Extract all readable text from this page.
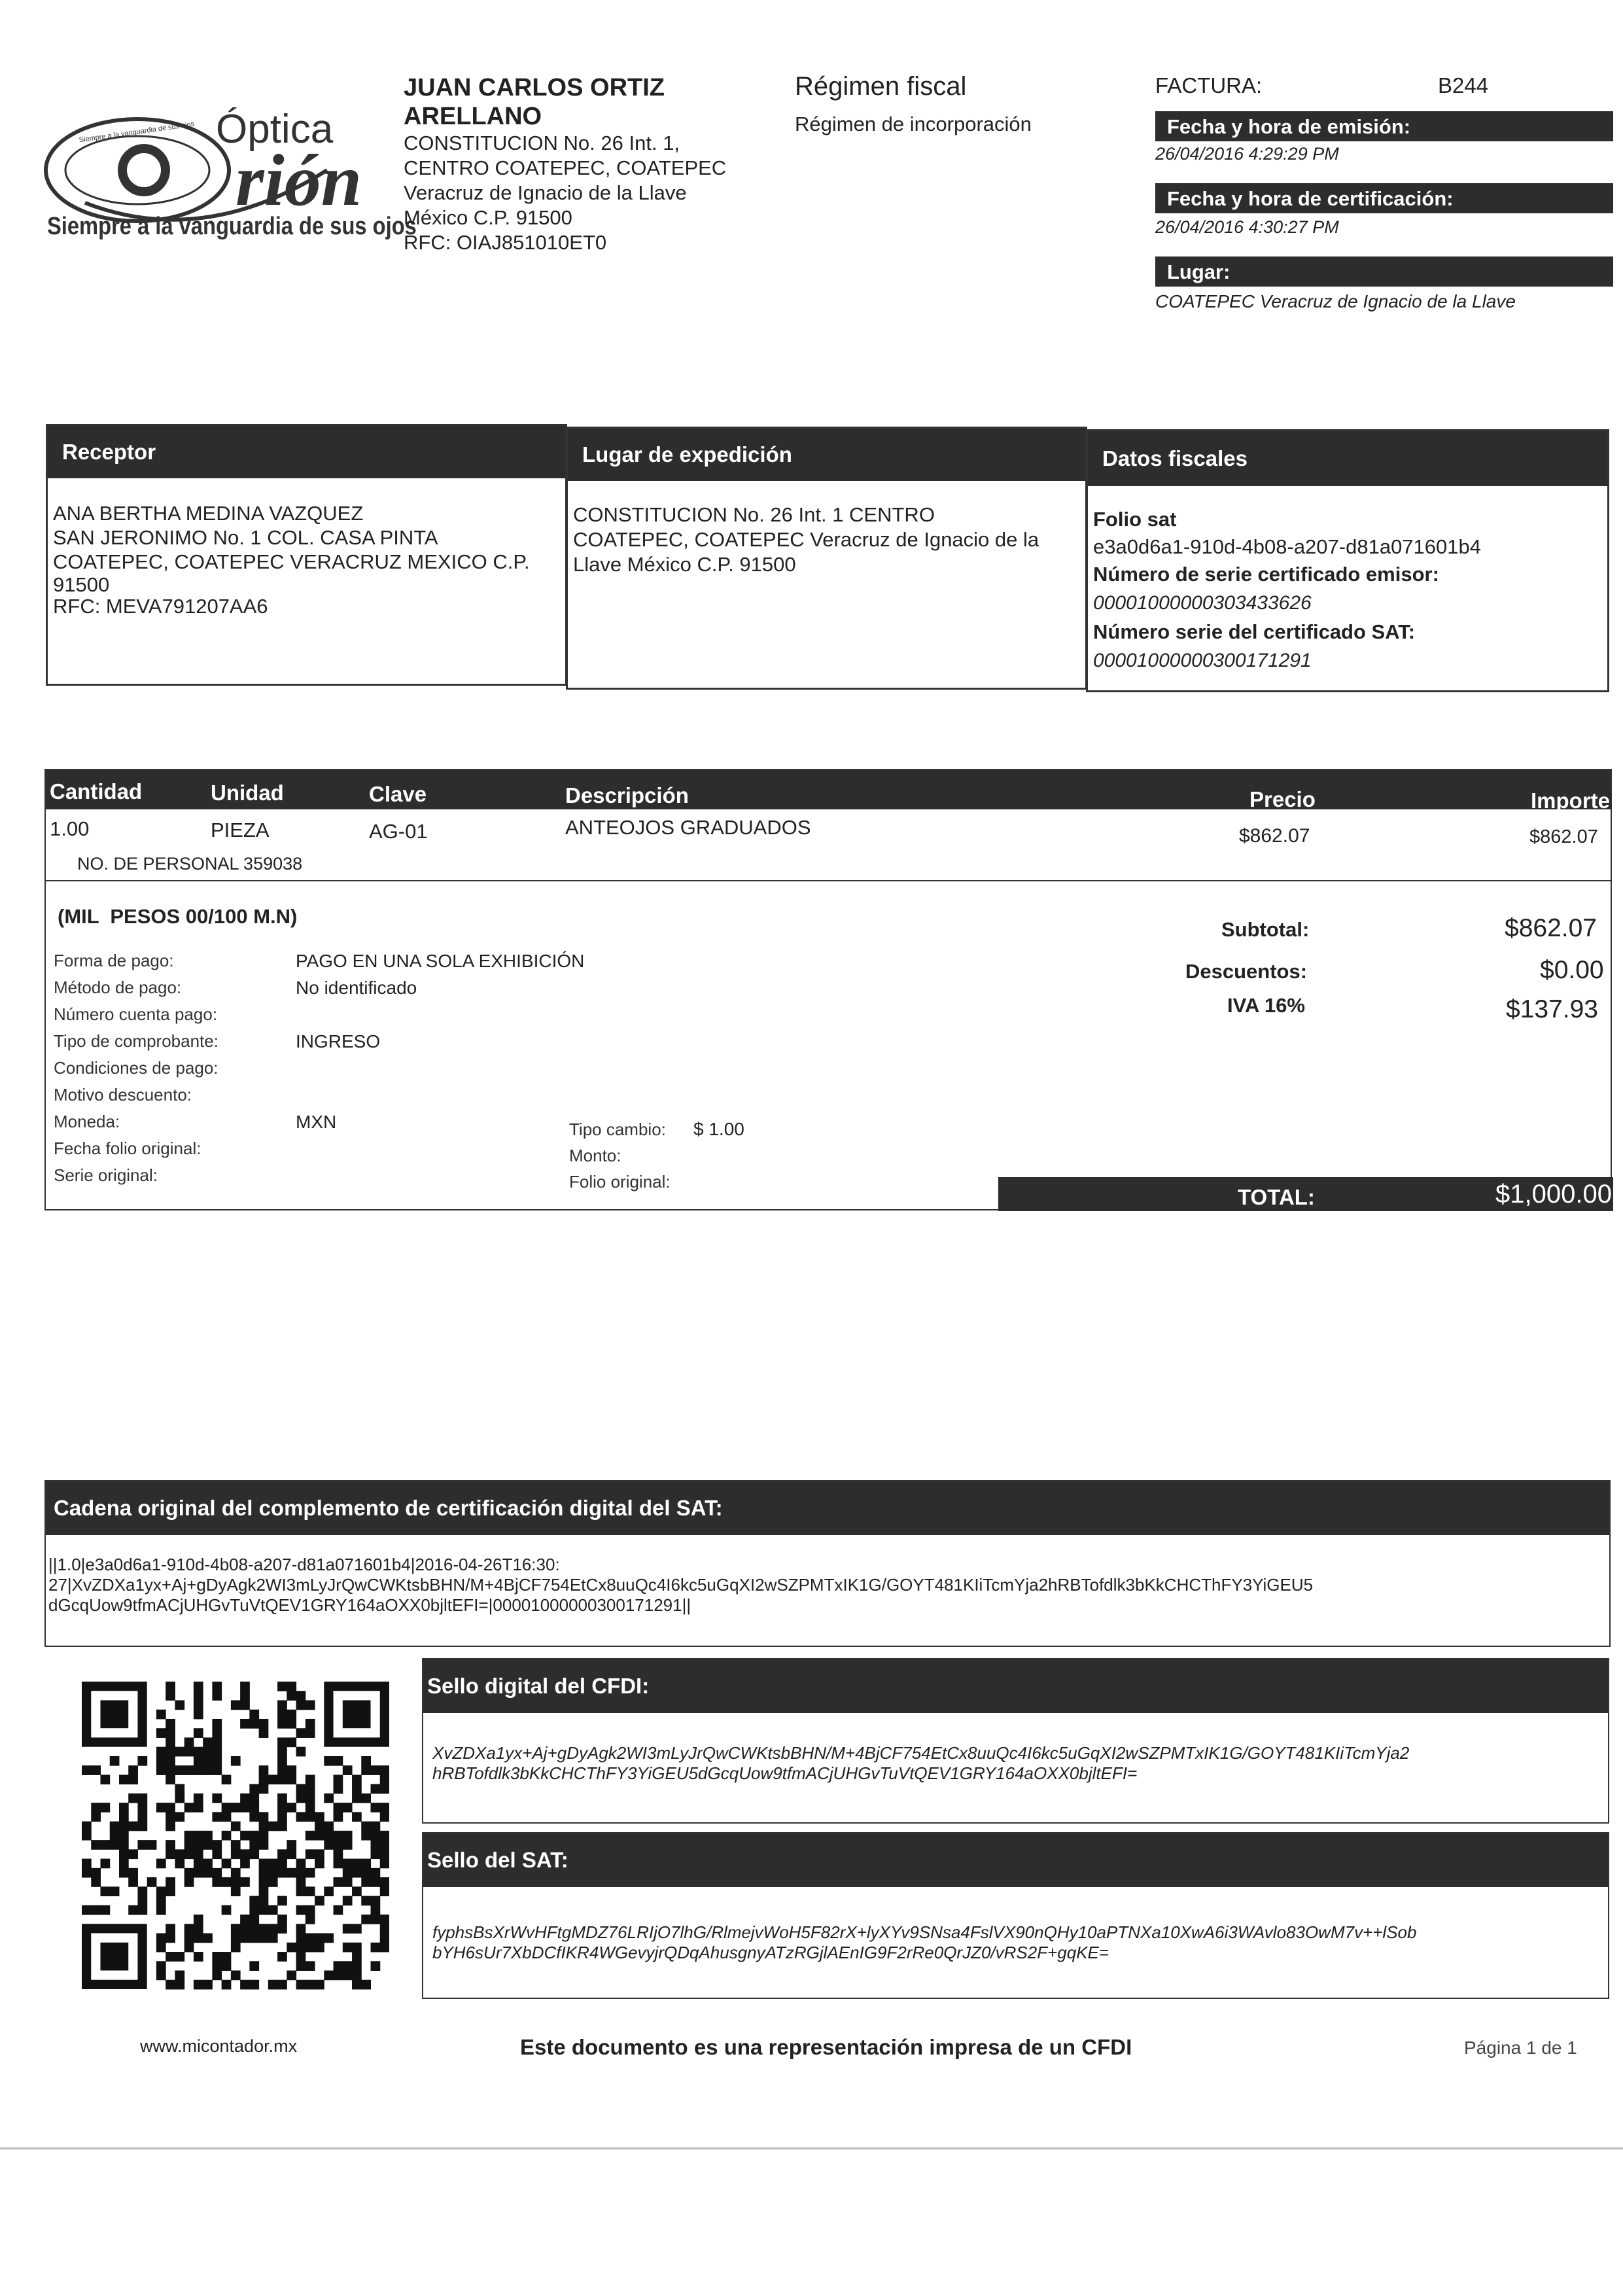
Siempre a la vanguardia de sus ojos
Óptica
Orion
Óptica
rión
Siempre a la vanguardia de sus ojos
JUAN CARLOS ORTIZ
ARELLANO
CONSTITUCION No. 26 Int. 1,
CENTRO COATEPEC, COATEPEC
Veracruz de Ignacio de la Llave
México C.P. 91500
RFC: OIAJ851010ET0
Régimen fiscal
Régimen de incorporación
FACTURA:	B244
Fecha y hora de emisión:
26/04/2016 4:29:29 PM
Fecha y hora de certificación:
26/04/2016 4:30:27 PM
Lugar:
COATEPEC Veracruz de Ignacio de la Llave
Receptor
ANA BERTHA MEDINA VAZQUEZ
SAN JERONIMO No. 1 COL. CASA PINTA
COATEPEC, COATEPEC VERACRUZ MEXICO C.P.
91500
RFC: MEVA791207AA6
Lugar de expedición
CONSTITUCION No. 26 Int. 1 CENTRO
COATEPEC, COATEPEC Veracruz de Ignacio de la
Llave México C.P. 91500
Datos fiscales
Folio sat
e3a0d6a1-910d-4b08-a207-d81a071601b4
Número de serie certificado emisor:
00001000000303433626
Número serie del certificado SAT:
00001000000300171291
Cantidad	Unidad	Clave	Descripción	Precio	Importe
1.00	PIEZA	AG-01	ANTEOJOS GRADUADOS	$862.07	$862.07
NO. DE PERSONAL 359038
(MIL  PESOS 00/100 M.N)
Forma de pago:	PAGO EN UNA SOLA EXHIBICIÓN
Método de pago:	No identificado
Número cuenta pago:
Tipo de comprobante:	INGRESO
Condiciones de pago:
Motivo descuento:
Moneda:	MXN
Fecha folio original:
Serie original:
Tipo cambio: $ 1.00
Monto:
Folio original:
Subtotal:	$862.07
Descuentos:	$0.00
IVA 16%	$137.93
TOTAL:	$1,000.00
Cadena original del complemento de certificación digital del SAT:
||1.0|e3a0d6a1-910d-4b08-a207-d81a071601b4|2016-04-26T16:30:
27|XvZDXa1yx+Aj+gDyAgk2WI3mLyJrQwCWKtsbBHN/M+4BjCF754EtCx8uuQc4I6kc5uGqXI2wSZPMTxIK1G/GOYT481KIiTcmYja2hRBTofdlk3bKkCHCThFY3YiGEU5
dGcqUow9tfmACjUHGvTuVtQEV1GRY164aOXX0bjltEFI=|00001000000300171291||
Sello digital del CFDI:
XvZDXa1yx+Aj+gDyAgk2WI3mLyJrQwCWKtsbBHN/M+4BjCF754EtCx8uuQc4I6kc5uGqXI2wSZPMTxIK1G/GOYT481KIiTcmYja2
hRBTofdlk3bKkCHCThFY3YiGEU5dGcqUow9tfmACjUHGvTuVtQEV1GRY164aOXX0bjltEFI=
Sello del SAT:
fyphsBsXrWvHFtgMDZ76LRIjO7lhG/RlmejvWoH5F82rX+lyXYv9SNsa4FslVX90nQHy10aPTNXa10XwA6i3WAvlo83OwM7v++lSob
bYH6sUr7XbDCfIKR4WGevyjrQDqAhusgnyATzRGjlAEnIG9F2rRe0QrJZ0/vRS2F+gqKE=
www.micontador.mx	Este documento es una representación impresa de un CFDI	Página 1 de 1
